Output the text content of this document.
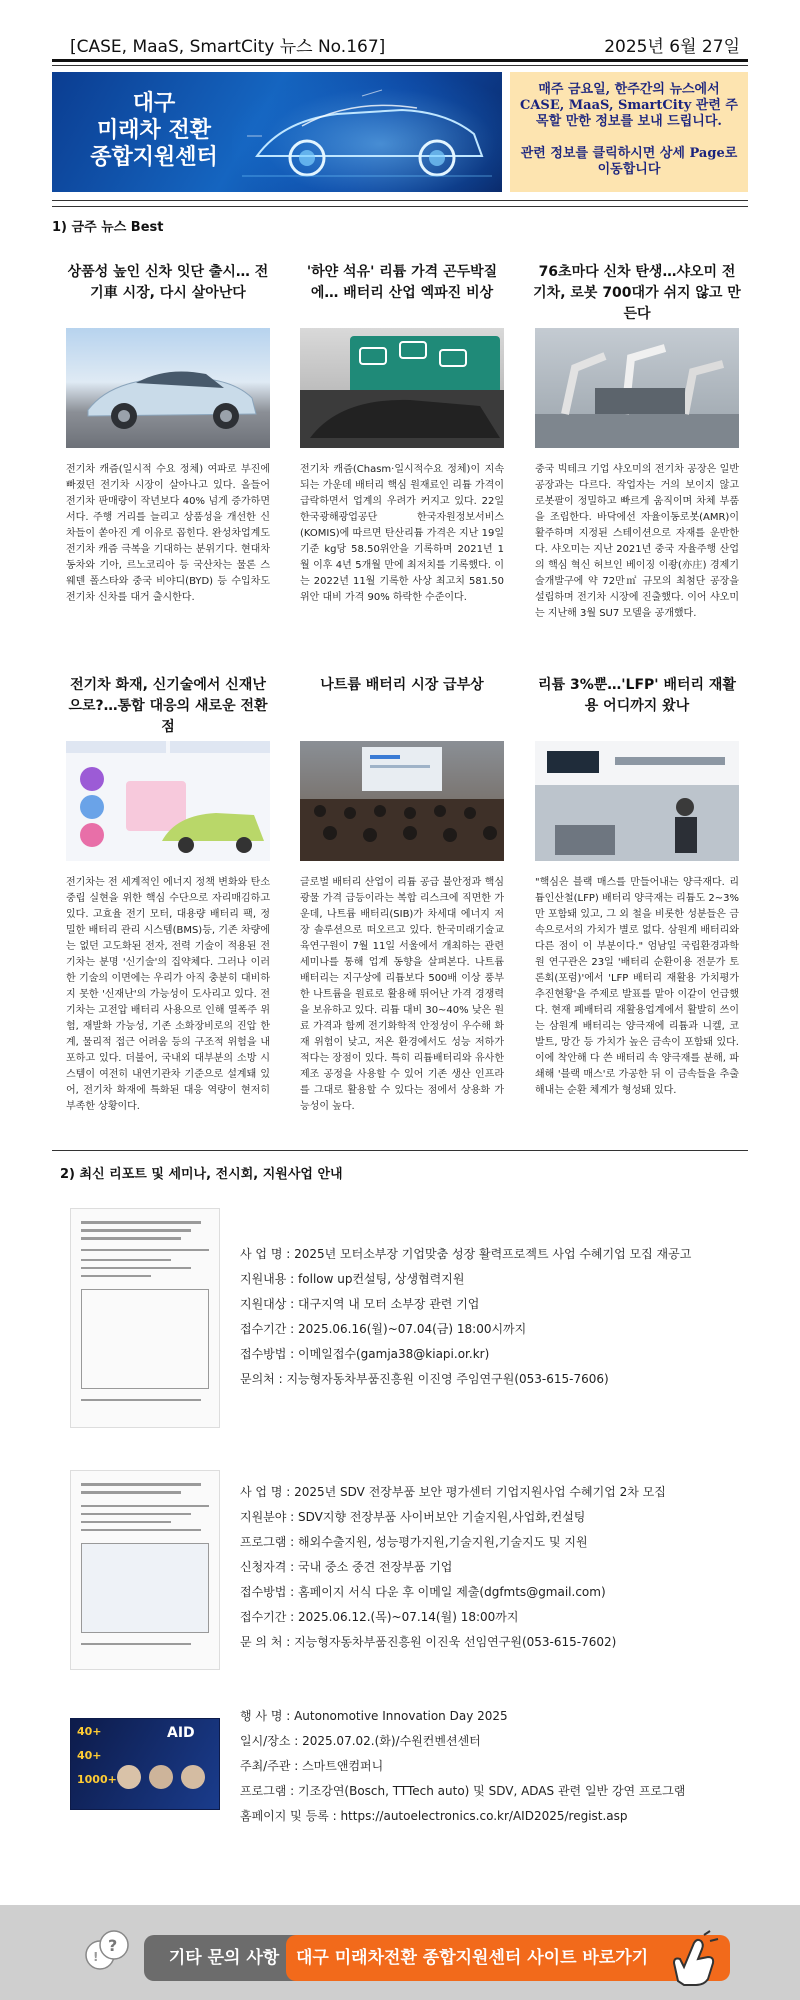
[CASE, MaaS, SmartCity 뉴스 No.167]	2025년 6월 27일
대구
미래차 전환
종합지원센터

매주 금요일, 한주간의 뉴스에서 CASE, MaaS, SmartCity 관련 주목할 만한 정보를 보내 드립니다.

관련 정보를 클릭하시면 상세 Page로 이동합니다

1) 금주 뉴스 Best
상품성 높인 신차 잇단 출시… 전기車 시장, 다시 살아난다

전기차 캐즘(일시적 수요 정체) 여파로 부진에 빠졌던 전기차 시장이 살아나고 있다. 올들어 전기차 판매량이 작년보다 40% 넘게 증가하면서다. 주행 거리를 늘리고 상품성을 개선한 신차들이 쏟아진 게 이유로 꼽힌다. 완성차업계도 전기차 캐즘 극복을 기대하는 분위기다. 현대차동차와 기아, 르노코리아 등 국산차는 물론 스웨덴 폴스타와 중국 비야디(BYD) 등 수입차도 전기차 신차를 대거 출시한다.

'하얀 석유' 리튬 가격 곤두박질에… 배터리 산업 엑파진 비상

전기차 캐즘(Chasm·일시적수요 정체)이 지속되는 가운데 배터리 핵심 원재료인 리튬 가격이 급락하면서 업계의 우려가 커지고 있다. 22일 한국광해광업공단 한국자원정보서비스(KOMIS)에 따르면 탄산리튬 가격은 지난 19일 기준 kg당 58.50위안을 기록하며 2021년 1월 이후 4년 5개월 만에 최저치를 기록했다. 이는 2022년 11월 기록한 사상 최고치 581.50위안 대비 가격 90% 하락한 수준이다.

76초마다 신차 탄생…샤오미 전기차, 로봇 700대가 쉬지 않고 만든다

중국 빅테크 기업 샤오미의 전기차 공장은 일반 공장과는 다르다. 작업자는 거의 보이지 않고 로봇팔이 정밀하고 빠르게 움직이며 차체 부품을 조립한다. 바닥에선 자율이동로봇(AMR)이 활주하며 지정된 스테이션으로 자재를 운반한다. 샤오미는 지난 2021년 중국 자율주행 산업의 핵심 혁신 허브인 베이징 이좡(亦庄) 경제기술개발구에 약 72만㎡ 규모의 최첨단 공장을 설립하며 전기차 시장에 진출했다. 이어 샤오미는 지난해 3월 SU7 모델을 공개했다.

전기차 화재, 신기술에서 신재난으로?…통합 대응의 새로운 전환점

전기차는 전 세계적인 에너지 정책 변화와 탄소중립 실현을 위한 핵심 수단으로 자리매김하고 있다. 고효율 전기 모터, 대용량 배터리 팩, 정밀한 배터리 관리 시스템(BMS)등, 기존 차량에는 없던 고도화된 전자, 전력 기술이 적용된 전기차는 분명 '신기술'의 집약체다. 그러나 이러한 기술의 이면에는 우리가 아직 충분히 대비하지 못한 '신재난'의 가능성이 도사리고 있다. 전기차는 고전압 배터리 사용으로 인해 열폭주 위험, 재발화 가능성, 기존 소화장비로의 진압 한계, 물리적 접근 어려움 등의 구조적 위험을 내포하고 있다. 더불어, 국내외 대부분의 소방 시스템이 여전히 내연기관차 기준으로 설계돼 있어, 전기차 화재에 특화된 대응 역량이 현저히 부족한 상황이다.

나트륨 배터리 시장 급부상

글로벌 배터리 산업이 리튬 공급 불안정과 핵심 광물 가격 급등이라는 복합 리스크에 직면한 가운데, 나트륨 배터리(SIB)가 차세대 에너지 저장 솔루션으로 떠오르고 있다. 한국미래기술교육연구원이 7월 11일 서울에서 개최하는 관련 세미나를 통해 업계 동향을 살펴본다. 나트륨 배터리는 지구상에 리튬보다 500배 이상 풍부한 나트륨을 원료로 활용해 뛰어난 가격 경쟁력을 보유하고 있다. 리튬 대비 30~40% 낮은 원료 가격과 함께 전기화학적 안정성이 우수해 화재 위험이 낮고, 저온 환경에서도 성능 저하가 적다는 장점이 있다. 특히 리튬배터리와 유사한 제조 공정을 사용할 수 있어 기존 생산 인프라를 그대로 활용할 수 있다는 점에서 상용화 가능성이 높다.

리튬 3%뿐…'LFP' 배터리 재활용 어디까지 왔나

"핵심은 블랙 매스를 만들어내는 양극재다. 리튬인산철(LFP) 배터리 양극재는 리튬도 2~3%만 포함돼 있고, 그 외 철을 비롯한 성분들은 금속으로서의 가치가 별로 없다. 삼원계 배터리와 다른 점이 이 부분이다." 엄남일 국립환경과학원 연구관은 23일 '배터리 순환이용 전문가 토론회(포럼)'에서 'LFP 배터리 재활용 가치평가 추진현황'을 주제로 발표를 맡아 이같이 언급했다. 현재 폐배터리 재활용업계에서 활발히 쓰이는 삼원계 배터리는 양극재에 리튬과 니켈, 코발트, 망간 등 가치가 높은 금속이 포함돼 있다. 이에 착안해 다 쓴 배터리 속 양극재를 분해, 파쇄해 '블랙 매스'로 가공한 뒤 이 금속들을 추출해내는 순환 체계가 형성돼 있다.

2) 최신 리포트 및 세미나, 전시회, 지원사업 안내
사 업 명 : 2025년 모터소부장 기업맞춤 성장 활력프로젝트 사업 수혜기업 모집 재공고
지원내용 : follow up컨설팅, 상생협력지원
지원대상 : 대구지역 내 모터 소부장 관련 기업
접수기간 : 2025.06.16(월)~07.04(금) 18:00시까지
접수방법 : 이메일접수(gamja38@kiapi.or.kr)
문의처 : 지능형자동차부품진흥원 이진영 주임연구원(053-615-7606)
사 업 명 : 2025년 SDV 전장부품 보안 평가센터 기업지원사업 수혜기업 2차 모집
지원분야 : SDV지향 전장부품 사이버보안 기술지원,사업화,컨설팅
프로그램 : 해외수출지원, 성능평가지원,기술지원,기술지도 및 지원
신청자격 : 국내 중소 중견 전장부품 기업
접수방법 : 홈페이지 서식 다운 후 이메일 제출(dgfmts@gmail.com)
접수기간 : 2025.06.12.(목)~07.14(월) 18:00까지
문 의 처 : 지능형자동차부품진흥원 이진욱 선임연구원(053-615-7602)
40+
40+
1000+
AID
행 사 명 : Autonomotive Innovation Day 2025
일시/장소 : 2025.07.02.(화)/수원컨벤션센터
주최/주관 : 스마트앤컴퍼니
프로그램 : 기조강연(Bosch, TTTech auto) 및 SDV, ADAS 관련 일반 강연 프로그램
홈페이지 및 등록 : https://autoelectronics.co.kr/AID2025/regist.asp
?
!	기타 문의 사항 대구 미래차전환 종합지원센터 사이트 바로가기
